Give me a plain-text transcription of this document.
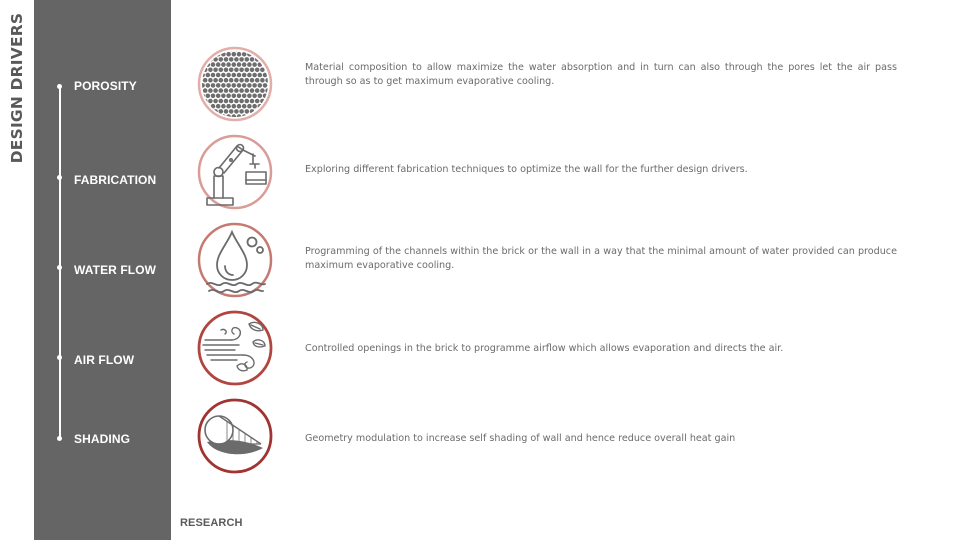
DESIGN DRIVERS	POROSITY
FABRICATION
WATER FLOW
AIR FLOW
SHADING
Material composition to allow maximize the water absorption and in turn can also through the pores let the air pass through so as to get maximum evaporative cooling.
Exploring different fabrication techniques to optimize the wall for the further design drivers.
Programming of the channels within the brick or the wall in a way that the minimal amount of water provided can produce maximum evaporative cooling.
Controlled openings in the brick to programme airflow which allows evaporation and directs the air.
Geometry modulation to increase self shading of wall and hence reduce overall heat gain
RESEARCH
